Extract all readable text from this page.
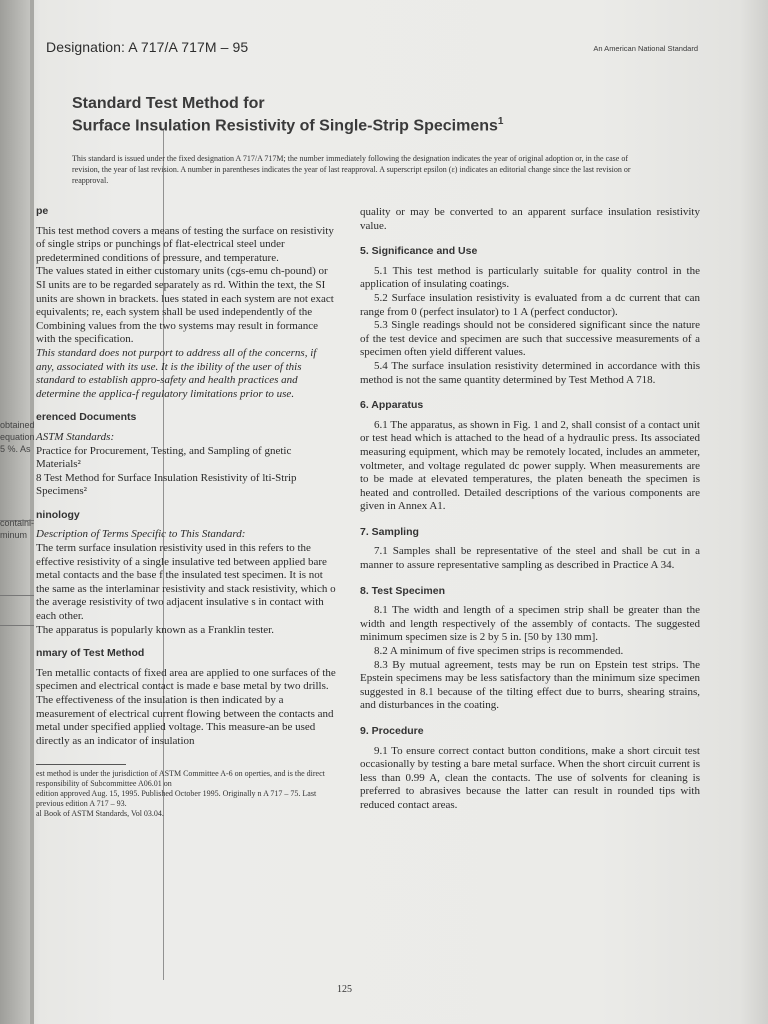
obtained
equation
5 %. As
containi-
minum
Designation: A 717/A 717M – 95	An American National Standard
Standard Test Method for
Surface Insulation Resistivity of Single-Strip Specimens$^1$
This standard is issued under the fixed designation A 717/A 717M; the number immediately following the designation indicates the year of original adoption or, in the case of revision, the year of last revision. A number in parentheses indicates the year of last reapproval. A superscript epsilon (ε) indicates an editorial change since the last revision or reapproval.
pe

This test method covers a means of testing the surface on resistivity of single strips or punchings of flat-electrical steel under predetermined conditions of pressure, and temperature.

The values stated in either customary units (cgs-emu ch-pound) or SI units are to be regarded separately as rd. Within the text, the SI units are shown in brackets. lues stated in each system are not exact equivalents; re, each system shall be used independently of the Combining values from the two systems may result in formance with the specification.

This standard does not purport to address all of the concerns, if any, associated with its use. It is the ibility of the user of this standard to establish appro-safety and health practices and determine the applica-f regulatory limitations prior to use.

erenced Documents

ASTM Standards:

Practice for Procurement, Testing, and Sampling of gnetic Materials²

8 Test Method for Surface Insulation Resistivity of lti-Strip Specimens²

ninology

Description of Terms Specific to This Standard:

The term surface insulation resistivity used in this refers to the effective resistivity of a single insulative ted between applied bare metal contacts and the base f the insulated test specimen. It is not the same as the interlaminar resistivity and stack resistivity, which o the average resistivity of two adjacent insulative s in contact with each other.

The apparatus is popularly known as a Franklin tester.

nmary of Test Method

Ten metallic contacts of fixed area are applied to one surfaces of the specimen and electrical contact is made e base metal by two drills. The effectiveness of the insulation is then indicated by a measurement of electrical current flowing between the contacts and metal under specified applied voltage. This measure-an be used directly as an indicator of insulation

est method is under the jurisdiction of ASTM Committee A-6 on operties, and is the direct responsibility of Subcommittee A06.01 on

edition approved Aug. 15, 1995. Published October 1995. Originally n A 717 – 75. Last previous edition A 717 – 93.

al Book of ASTM Standards, Vol 03.04.

quality or may be converted to an apparent surface insulation resistivity value.

5. Significance and Use

5.1 This test method is particularly suitable for quality control in the application of insulating coatings.

5.2 Surface insulation resistivity is evaluated from a dc current that can range from 0 (perfect insulator) to 1 A (perfect conductor).

5.3 Single readings should not be considered significant since the nature of the test device and specimen are such that successive measurements of a specimen often yield different values.

5.4 The surface insulation resistivity determined in accordance with this method is not the same quantity determined by Test Method A 718.

6. Apparatus

6.1 The apparatus, as shown in Fig. 1 and 2, shall consist of a contact unit or test head which is attached to the head of a hydraulic press. Its associated measuring equipment, which may be remotely located, includes an ammeter, voltmeter, and voltage regulated dc power supply. When measurements are to be made at elevated temperatures, the platen beneath the specimen is heated and controlled. Detailed descriptions of the various components are given in Annex A1.

7. Sampling

7.1 Samples shall be representative of the steel and shall be cut in a manner to assure representative sampling as described in Practice A 34.

8. Test Specimen

8.1 The width and length of a specimen strip shall be greater than the width and length respectively of the assembly of contacts. The suggested minimum specimen size is 2 by 5 in. [50 by 130 mm].

8.2 A minimum of five specimen strips is recommended.

8.3 By mutual agreement, tests may be run on Epstein test strips. The Epstein specimens may be less satisfactory than the minimum size specimen suggested in 8.1 because of the tilting effect due to burrs, shearing strains, and disturbances in the coating.

9. Procedure

9.1 To ensure correct contact button conditions, make a short circuit test occasionally by testing a bare metal surface. When the short circuit current is less than 0.99 A, clean the contacts. The use of solvents for cleaning is preferred to abrasives because the latter can result in rounded tips with reduced contact areas.

125
